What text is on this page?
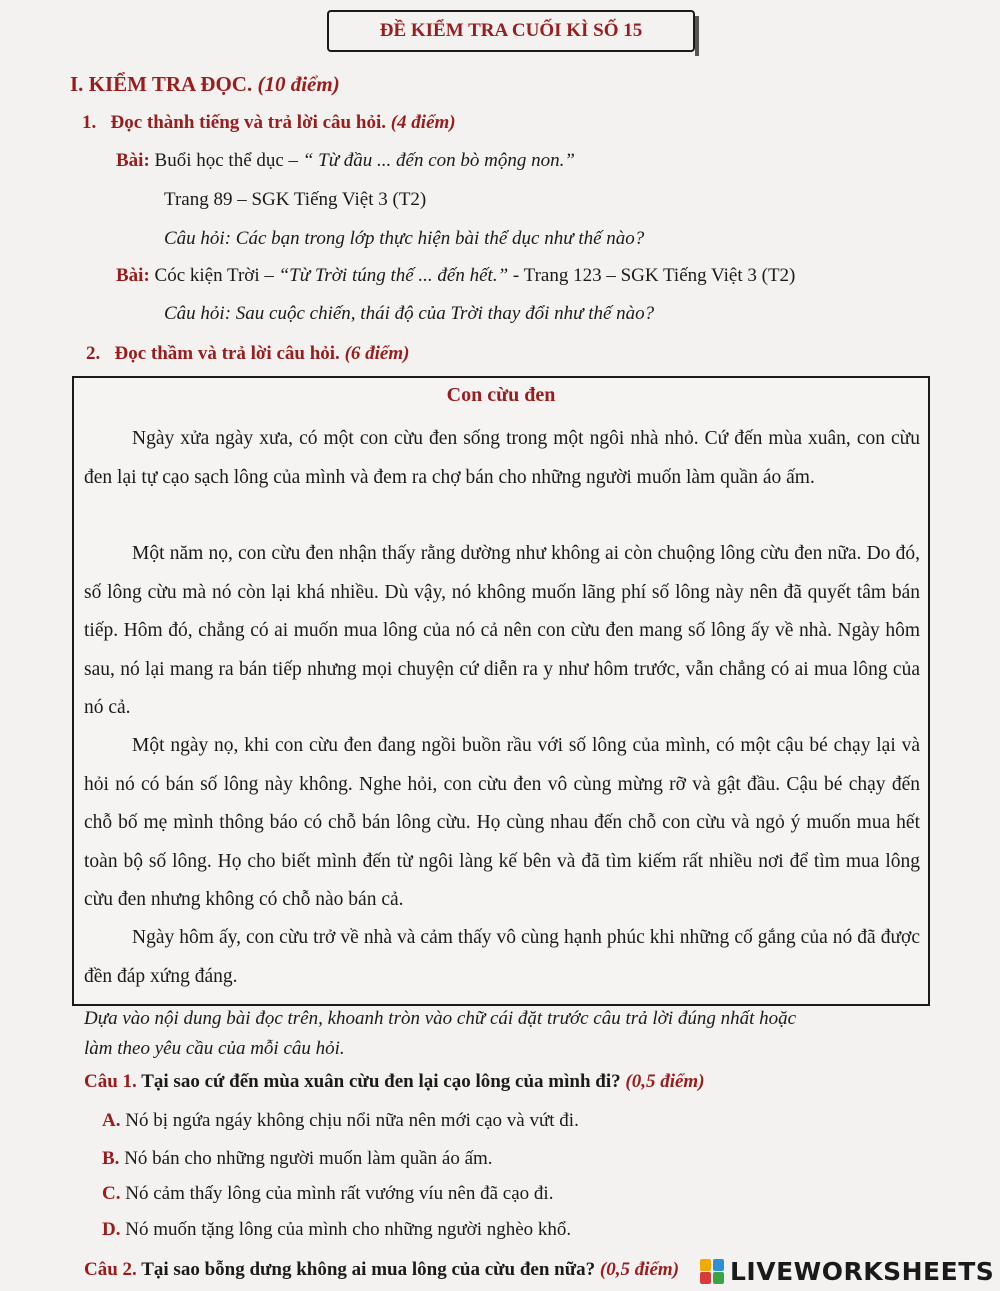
ĐỀ KIỂM TRA CUỐI KÌ SỐ 15
I. KIỂM TRA ĐỌC. (10 điểm)
1. Đọc thành tiếng và trả lời câu hỏi. (4 điểm)
Bài: Buổi học thể dục – “ Từ đầu ... đến con bò mộng non.”
Trang 89 – SGK Tiếng Việt 3 (T2)
Câu hỏi: Các bạn trong lớp thực hiện bài thể dục như thế nào?
Bài: Cóc kiện Trời – “Từ Trời túng thế ... đến hết.” - Trang 123 – SGK Tiếng Việt 3 (T2)
Câu hỏi: Sau cuộc chiến, thái độ của Trời thay đổi như thế nào?
2. Đọc thầm và trả lời câu hỏi. (6 điểm)
Con cừu đen
Ngày xửa ngày xưa, có một con cừu đen sống trong một ngôi nhà nhỏ. Cứ đến mùa xuân, con cừu đen lại tự cạo sạch lông của mình và đem ra chợ bán cho những người muốn làm quần áo ấm.
Một năm nọ, con cừu đen nhận thấy rằng dường như không ai còn chuộng lông cừu đen nữa. Do đó, số lông cừu mà nó còn lại khá nhiều. Dù vậy, nó không muốn lãng phí số lông này nên đã quyết tâm bán tiếp. Hôm đó, chẳng có ai muốn mua lông của nó cả nên con cừu đen mang số lông ấy về nhà. Ngày hôm sau, nó lại mang ra bán tiếp nhưng mọi chuyện cứ diễn ra y như hôm trước, vẫn chẳng có ai mua lông của nó cả.
Một ngày nọ, khi con cừu đen đang ngồi buồn rầu với số lông của mình, có một cậu bé chạy lại và hỏi nó có bán số lông này không. Nghe hỏi, con cừu đen vô cùng mừng rỡ và gật đầu. Cậu bé chạy đến chỗ bố mẹ mình thông báo có chỗ bán lông cừu. Họ cùng nhau đến chỗ con cừu và ngỏ ý muốn mua hết toàn bộ số lông. Họ cho biết mình đến từ ngôi làng kế bên và đã tìm kiếm rất nhiều nơi để tìm mua lông cừu đen nhưng không có chỗ nào bán cả.
Ngày hôm ấy, con cừu trở về nhà và cảm thấy vô cùng hạnh phúc khi những cố gắng của nó đã được đền đáp xứng đáng.
Dựa vào nội dung bài đọc trên, khoanh tròn vào chữ cái đặt trước câu trả lời đúng nhất hoặc
làm theo yêu cầu của mỗi câu hỏi.
Câu 1. Tại sao cứ đến mùa xuân cừu đen lại cạo lông của mình đi? (0,5 điểm)
A. Nó bị ngứa ngáy không chịu nổi nữa nên mới cạo và vứt đi.
B. Nó bán cho những người muốn làm quần áo ấm.
C. Nó cảm thấy lông của mình rất vướng víu nên đã cạo đi.
D. Nó muốn tặng lông của mình cho những người nghèo khổ.
Câu 2. Tại sao bỗng dưng không ai mua lông của cừu đen nữa? (0,5 điểm) LIVEWORKSHEETS
